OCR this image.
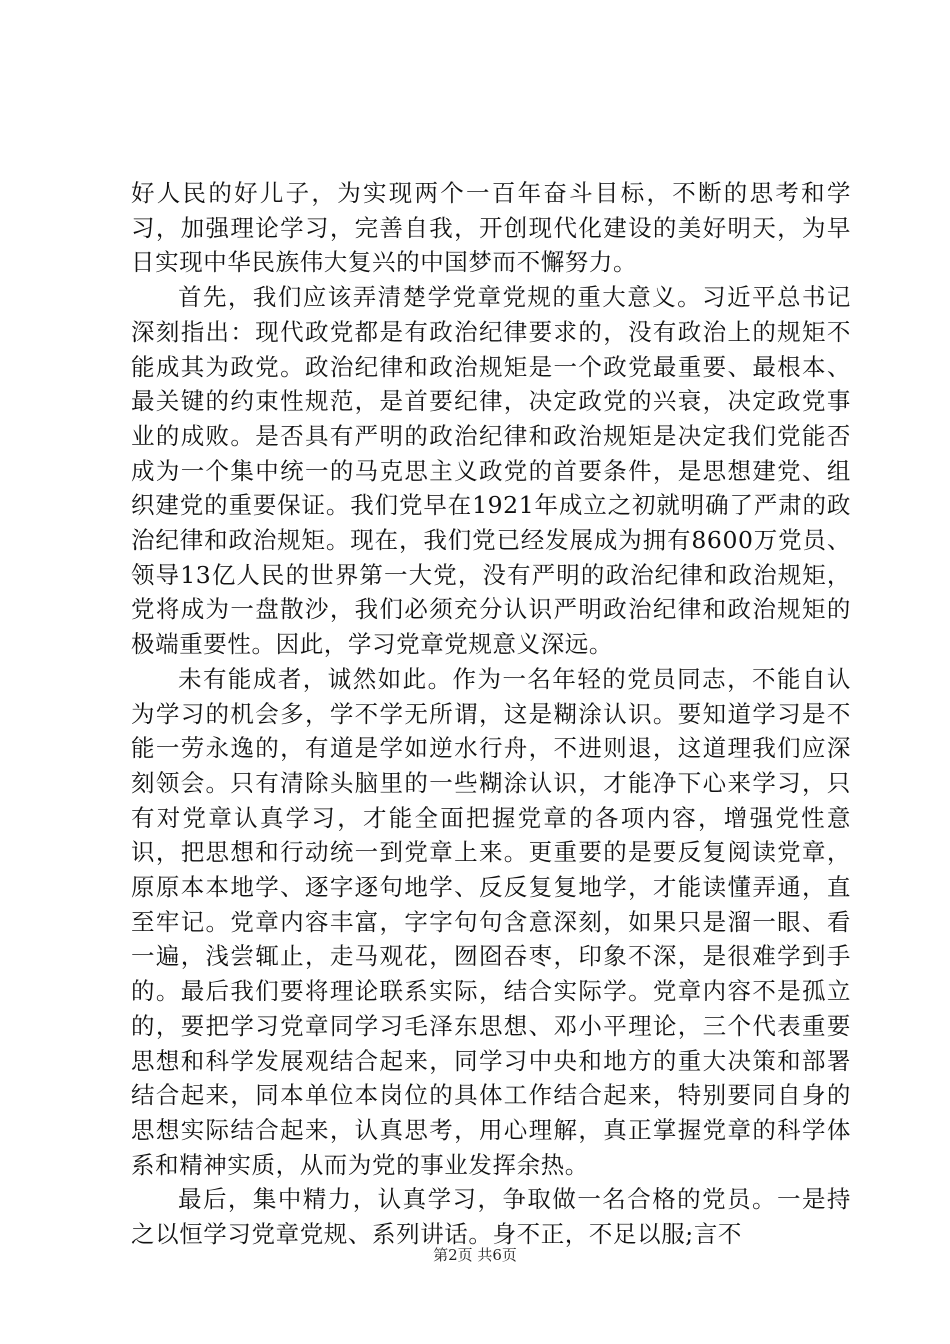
好人民的好儿子，为实现两个一百年奋斗目标，不断的思考和学习，加强理论学习，完善自我，开创现代化建设的美好明天，为早日实现中华民族伟大复兴的中国梦而不懈努力。

首先，我们应该弄清楚学党章党规的重大意义。习近平总书记深刻指出：现代政党都是有政治纪律要求的，没有政治上的规矩不能成其为政党。政治纪律和政治规矩是一个政党最重要、最根本、最关键的约束性规范，是首要纪律，决定政党的兴衰，决定政党事业的成败。是否具有严明的政治纪律和政治规矩是决定我们党能否成为一个集中统一的马克思主义政党的首要条件，是思想建党、组织建党的重要保证。我们党早在1921年成立之初就明确了严肃的政治纪律和政治规矩。现在，我们党已经发展成为拥有8600万党员、领导13亿人民的世界第一大党，没有严明的政治纪律和政治规矩，党将成为一盘散沙，我们必须充分认识严明政治纪律和政治规矩的极端重要性。因此，学习党章党规意义深远。

未有能成者，诚然如此。作为一名年轻的党员同志，不能自认为学习的机会多，学不学无所谓，这是糊涂认识。要知道学习是不能一劳永逸的，有道是学如逆水行舟，不进则退，这道理我们应深刻领会。只有清除头脑里的一些糊涂认识，才能净下心来学习，只有对党章认真学习，才能全面把握党章的各项内容，增强党性意识，把思想和行动统一到党章上来。更重要的是要反复阅读党章，原原本本地学、逐字逐句地学、反反复复地学，才能读懂弄通，直至牢记。党章内容丰富，字字句句含意深刻，如果只是溜一眼、看一遍，浅尝辄止，走马观花，囫囵吞枣，印象不深，是很难学到手的。最后我们要将理论联系实际，结合实际学。党章内容不是孤立的，要把学习党章同学习毛泽东思想、邓小平理论，三个代表重要思想和科学发展观结合起来，同学习中央和地方的重大决策和部署结合起来，同本单位本岗位的具体工作结合起来，特别要同自身的思想实际结合起来，认真思考，用心理解，真正掌握党章的科学体系和精神实质，从而为党的事业发挥余热。

最后，集中精力，认真学习，争取做一名合格的党员。一是持之以恒学习党章党规、系列讲话。身不正，不足以服;言不

第2页 共6页
